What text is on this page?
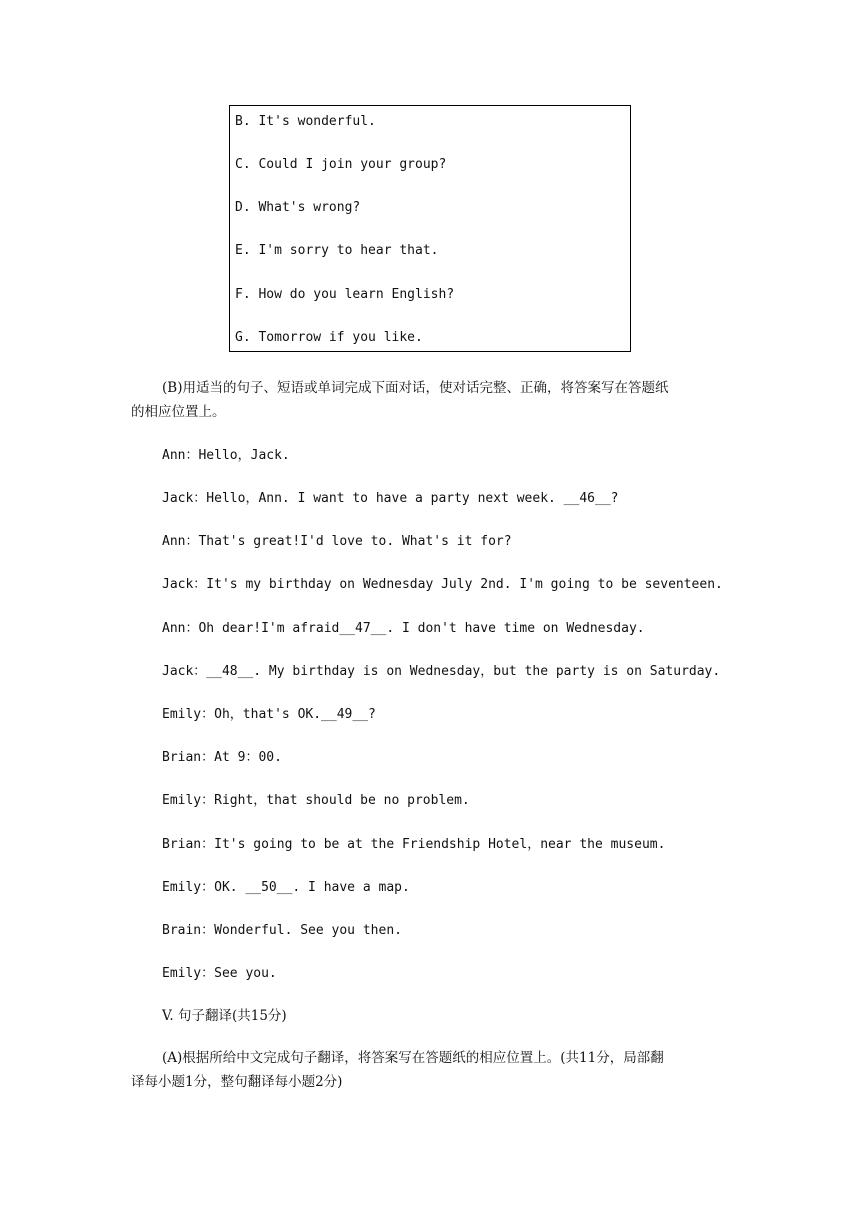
B. It's wonderful.
C. Could I join your group?
D. What's wrong?
E. I'm sorry to hear that.
F. How do you learn English?
G. Tomorrow if you like.
(B)用适当的句子、短语或单词完成下面对话，使对话完整、正确，将答案写在答题纸
的相应位置上。
Ann：Hello，Jack.
Jack：Hello，Ann. I want to have a party next week. __46__?
Ann：That's great!I'd love to. What's it for?
Jack：It's my birthday on Wednesday July 2nd. I'm going to be seventeen.
Ann：Oh dear!I'm afraid__47__. I don't have time on Wednesday.
Jack：__48__. My birthday is on Wednesday，but the party is on Saturday.
Emily：Oh，that's OK.__49__?
Brian：At 9：00.
Emily：Right，that should be no problem.
Brian：It's going to be at the Friendship Hotel，near the museum.
Emily：OK. __50__. I have a map.
Brain：Wonderful. See you then.
Emily：See you.
V. 句子翻译(共15分)
(A)根据所给中文完成句子翻译，将答案写在答题纸的相应位置上。(共11分，局部翻
译每小题1分，整句翻译每小题2分)
